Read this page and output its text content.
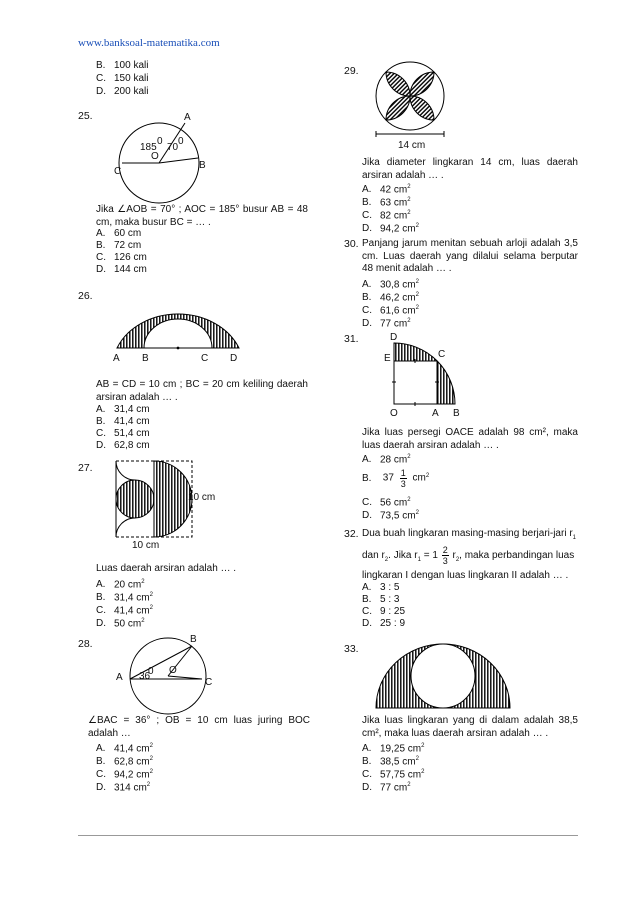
www.banksoal-matematika.com
B. 100 kali
C. 150 kali
D. 200 kali
25.	A
B
C
O
185
0
70
0
Jika ∠AOB = 70° ; AOC = 185° busur AB = 48 cm, maka busur BC = … .
A. 60 cm
B. 72 cm
C. 126 cm
D. 144 cm
26.
A B	C D
AB = CD = 10 cm ; BC = 20 cm keliling daerah arsiran adalah … .
A. 31,4 cm
B. 41,4 cm
C. 51,4 cm
D. 62,8 cm
27.
10 cm
10 cm
Luas daerah arsiran adalah … .
A. 20 $cm^2$
B. 31,4 $cm^2$
C. 41,4 $cm^2$
D. 50 $cm^2$
28.	B
A	C
O
36
0
∠BAC = 36° ; OB = 10 cm luas juring BOC adalah …
A. 41,4 $cm^2$
B. 62,8 $cm^2$
C. 94,2 $cm^2$
D. 314 $cm^2$
29.
14 cm
Jika diameter lingkaran 14 cm, luas daerah arsiran adalah … .
A. 42 $cm^2$
B. 63 $cm^2$
C. 82 $cm^2$
D. 94,2 $cm^2$
30. Panjang jarum menitan sebuah arloji adalah 3,5 cm. Luas daerah yang dilalui selama berputar 48 menit adalah … .
A. 30,8 $cm^2$
B. 46,2 $cm^2$
C. 61,6 $cm^2$
D. 77 $cm^2$
31.	D
E	C
O	A B
Jika luas persegi OACE adalah 98 cm², maka luas daerah arsiran adalah … .
A. 28 $cm^2$
B. $37 \frac{1}{3} cm^2$
C. 56 $cm^2$
D. 73,5 $cm^2$
32. Dua buah lingkaran masing-masing berjari-jari $r_1$
dan $r_2$. Jika $r_1 = 1 \frac{2}{3} r_2$, maka perbandingan luas
lingkaran I dengan luas lingkaran II adalah … .
A. 3 : 5
B. 5 : 3
C. 9 : 25
D. 25 : 9
33.
Jika luas lingkaran yang di dalam adalah 38,5 cm², maka luas daerah arsiran adalah … .
A. 19,25 $cm^2$
B. 38,5 $cm^2$
C. 57,75 $cm^2$
D. 77 $cm^2$
